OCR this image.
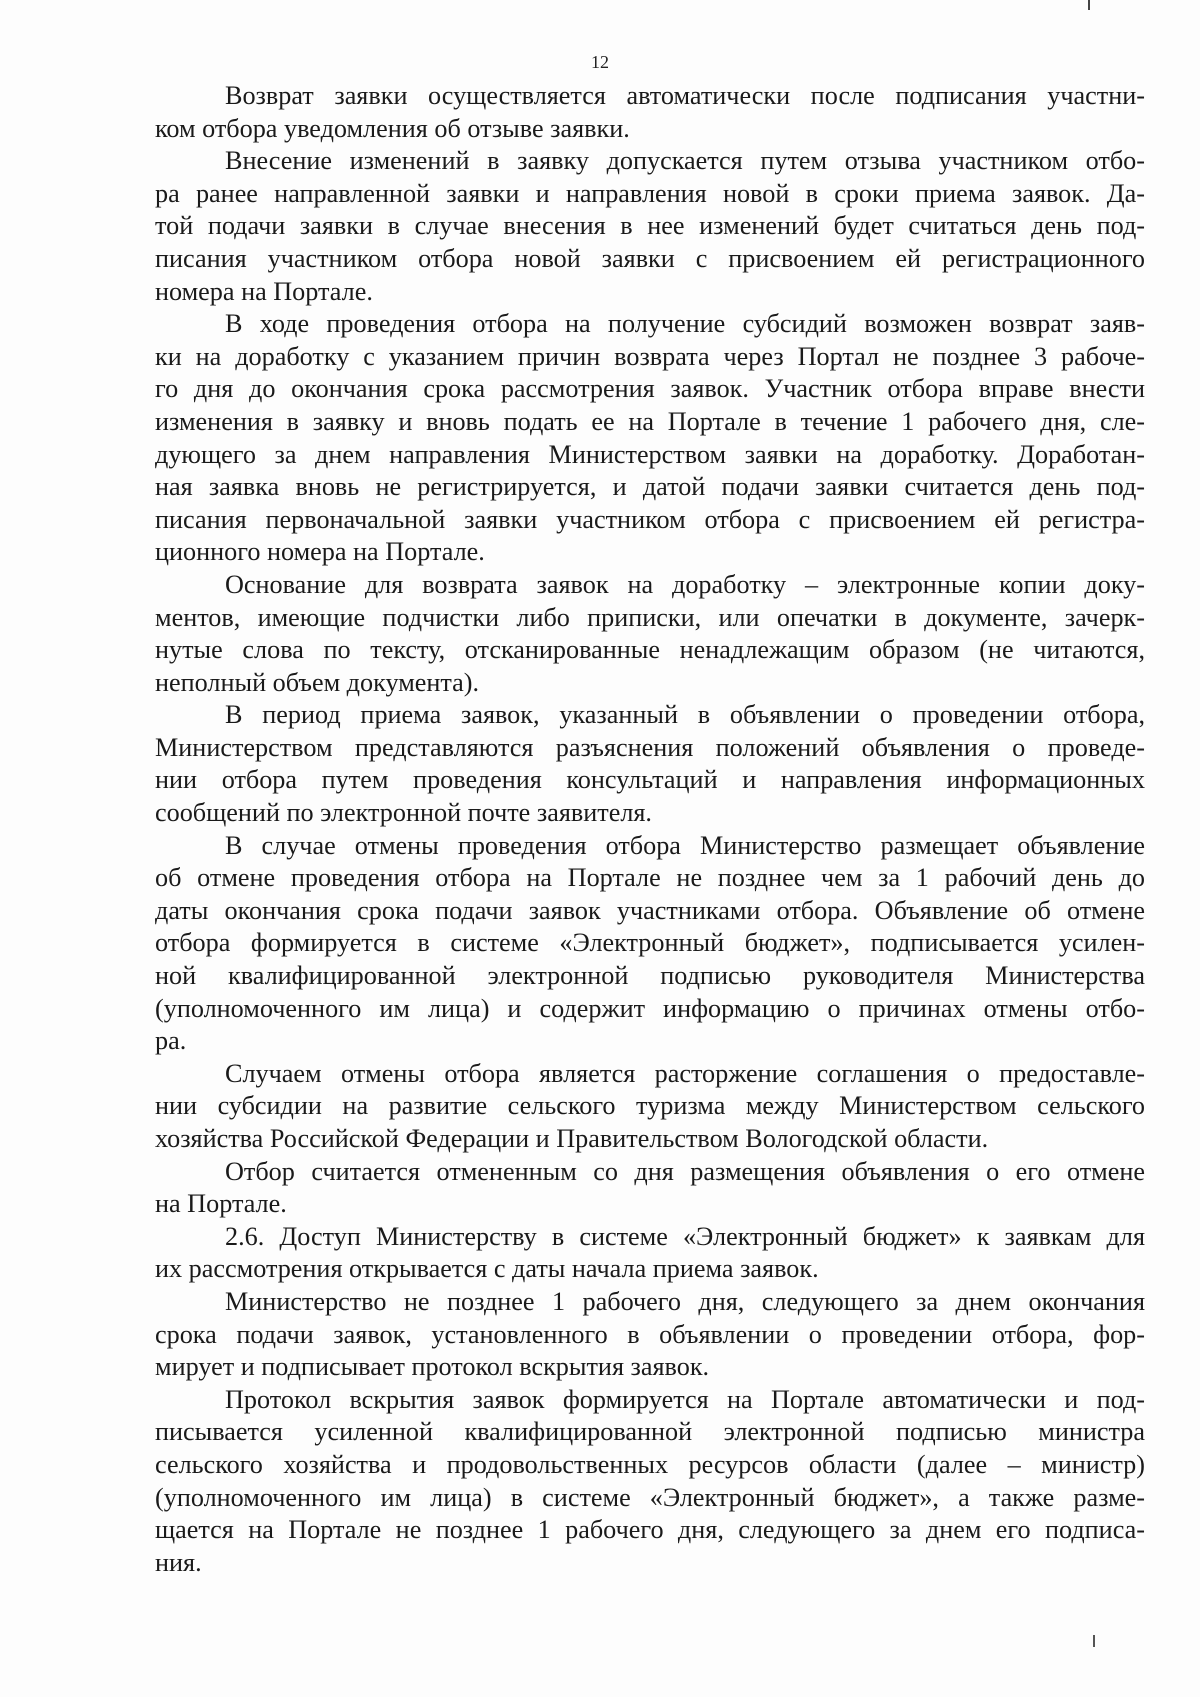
12
Возврат заявки осуществляется автоматически после подписания участни-
ком отбора уведомления об отзыве заявки.
Внесение изменений в заявку допускается путем отзыва участником отбо-
ра ранее направленной заявки и направления новой в сроки приема заявок. Да-
той подачи заявки в случае внесения в нее изменений будет считаться день под-
писания участником отбора новой заявки с присвоением ей регистрационного
номера на Портале.
В ходе проведения отбора на получение субсидий возможен возврат заяв-
ки на доработку с указанием причин возврата через Портал не позднее 3 рабоче-
го дня до окончания срока рассмотрения заявок. Участник отбора вправе внести
изменения в заявку и вновь подать ее на Портале в течение 1 рабочего дня, сле-
дующего за днем направления Министерством заявки на доработку. Доработан-
ная заявка вновь не регистрируется, и датой подачи заявки считается день под-
писания первоначальной заявки участником отбора с присвоением ей регистра-
ционного номера на Портале.
Основание для возврата заявок на доработку – электронные копии доку-
ментов, имеющие подчистки либо приписки, или опечатки в документе, зачерк-
нутые слова по тексту, отсканированные ненадлежащим образом (не читаются,
неполный объем документа).
В период приема заявок, указанный в объявлении о проведении отбора,
Министерством представляются разъяснения положений объявления о проведе-
нии отбора путем проведения консультаций и направления информационных
сообщений по электронной почте заявителя.
В случае отмены проведения отбора Министерство размещает объявление
об отмене проведения отбора на Портале не позднее чем за 1 рабочий день до
даты окончания срока подачи заявок участниками отбора. Объявление об отмене
отбора формируется в системе «Электронный бюджет», подписывается усилен-
ной квалифицированной электронной подписью руководителя Министерства
(уполномоченного им лица) и содержит информацию о причинах отмены отбо-
ра.
Случаем отмены отбора является расторжение соглашения о предоставле-
нии субсидии на развитие сельского туризма между Министерством сельского
хозяйства Российской Федерации и Правительством Вологодской области.
Отбор считается отмененным со дня размещения объявления о его отмене
на Портале.
2.6. Доступ Министерству в системе «Электронный бюджет» к заявкам для
их рассмотрения открывается с даты начала приема заявок.
Министерство не позднее 1 рабочего дня, следующего за днем окончания
срока подачи заявок, установленного в объявлении о проведении отбора, фор-
мирует и подписывает протокол вскрытия заявок.
Протокол вскрытия заявок формируется на Портале автоматически и под-
писывается усиленной квалифицированной электронной подписью министра
сельского хозяйства и продовольственных ресурсов области (далее – министр)
(уполномоченного им лица) в системе «Электронный бюджет», а также разме-
щается на Портале не позднее 1 рабочего дня, следующего за днем его подписа-
ния.
